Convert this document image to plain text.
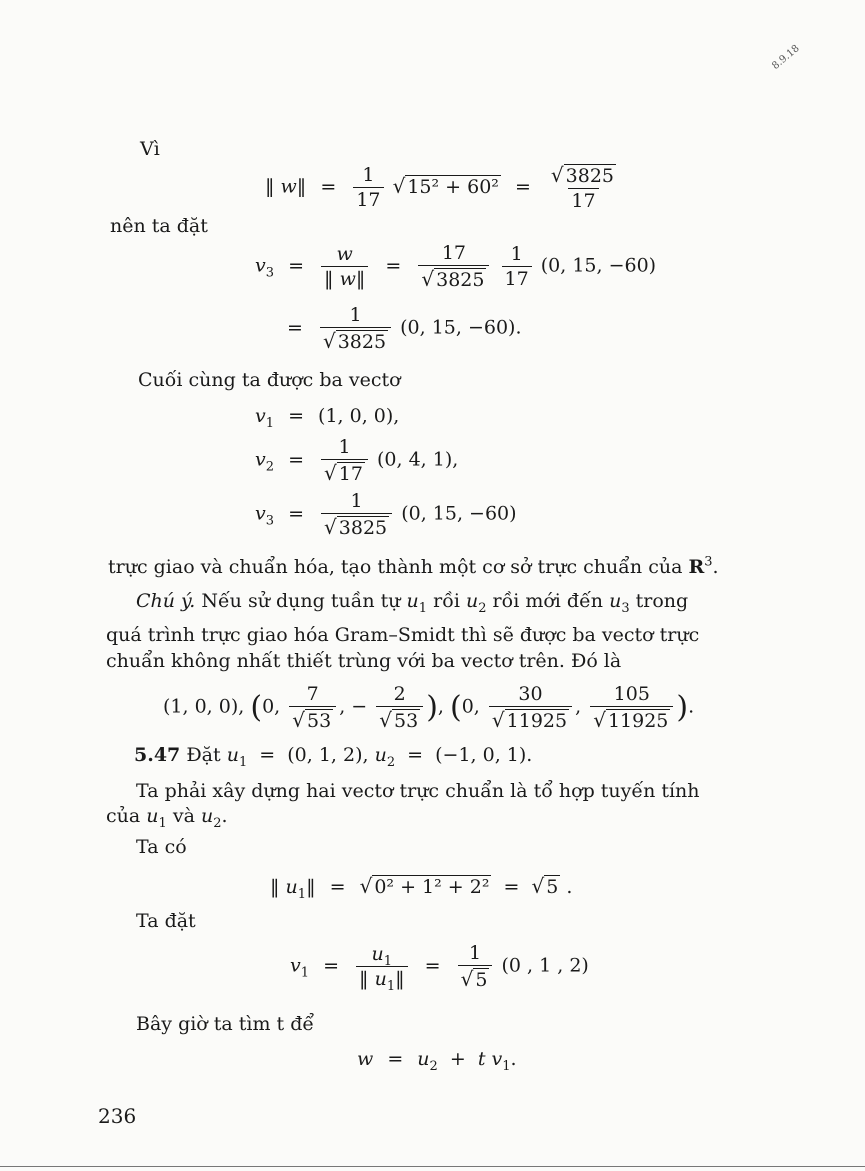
8.9.18
Vì
‖ w‖ = $\frac{1}{17}$ √ $15^2 + 60^2 = \frac{√ 3825}{17}$
nên ta đặt
$v_3 = \frac{w}{‖ w‖} = \frac{17}{√ 3825}$
$\frac{1}{17} (0$, 15, −60)
= $\frac{1}{√ 3825} (0$, 15, −60).
Cuối cùng ta được ba vectơ
$v_1 = (1$, 0, 0),
$v_2 = \frac{1}{√ 17} (0$, 4, 1),
$v_3 = \frac{1}{√ 3825} (0$, 15, −60)
trực giao và chuẩn hóa, tạo thành một cơ sở trực chuẩn của $R^3$.
Chú ý. Nếu sử dụng tuần tự $u_1$ rồi $u_2$ rồi mới đến $u_3$ trong
quá trình trực giao hóa Gram–Smidt thì sẽ được ba vectơ trực
chuẩn không nhất thiết trùng với ba vectơ trên. Đó là
(1, 0, 0), (0, $\frac{7}{√ 53}$ , − $\frac{2}{√ 53}$ ), (0, $\frac{30}{√ 11925}$ , $\frac{105}{√ 11925}$ ).
5.47 Đặt $u_1 = (0$, 1, 2), $u_2 = (-1$, 0, 1).
Ta phải xây dựng hai vectơ trực chuẩn là tổ hợp tuyến tính
của $u_1$ và $u_2$.
Ta có
‖ $u_1‖$ = √ 0² + 1² + 2² = √ 5 .
Ta đặt
$v_1 = \frac{u_1}{‖ u_1‖} = \frac{1}{√ 5} (0$ , 1 , 2)
Bây giờ ta tìm t để
$w = u_2 + t$ $v_1$.
236
